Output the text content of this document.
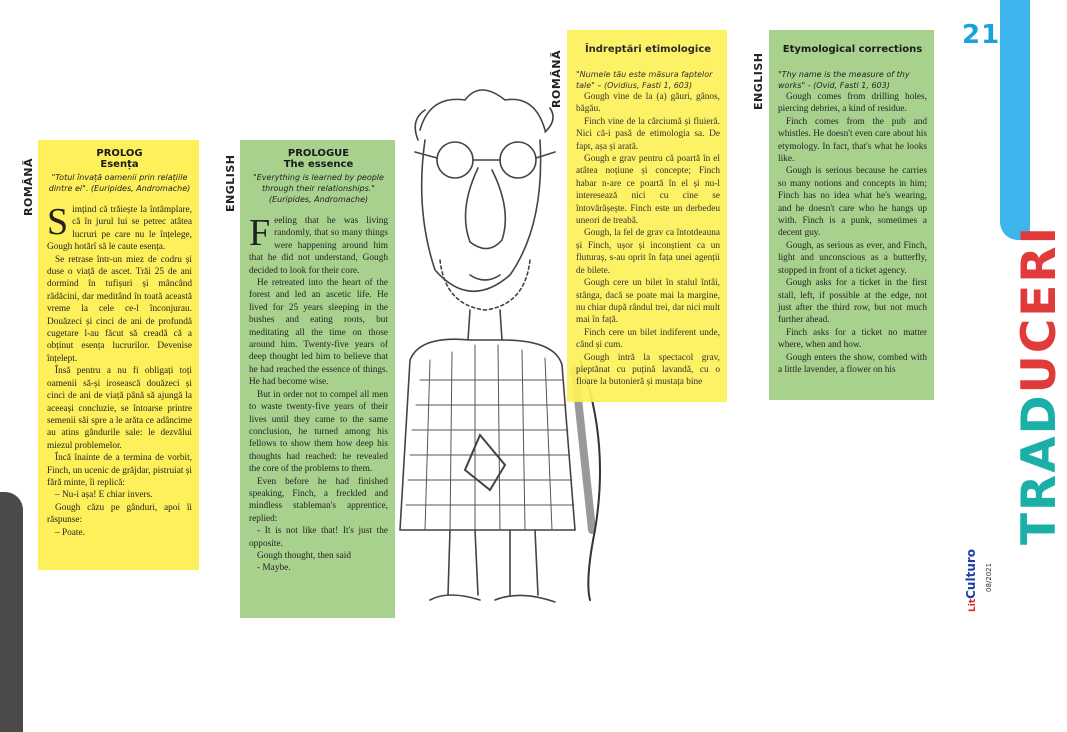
ROMÂNĂ
PROLOG
Esența
"Totul învață oamenii prin relațiile dintre ei". (Euripides, Andromache)

Simțind că trăiește la întâmplare, că în jurul lui se petrec atâtea lucruri pe care nu le înțelege, Gough hotărî să le caute esența.

Se retrase într-un miez de codru și duse o viață de ascet. Trăi 25 de ani dormind în tufișuri și mâncând rădăcini, dar meditând în toată această vreme la cele ce-l înconjurau. Douăzeci și cinci de ani de profundă cugetare l-au făcut să creadă că a obținut esența lucrurilor. Devenise înțelept.

Însă pentru a nu fi obligați toți oamenii să-și irosească douăzeci și cinci de ani de viață până să ajungă la aceeași concluzie, se întoarse printre semenii săi spre a le arăta ce adâncime au atins gândurile sale: le dezvălui miezul problemelor.

Încă înainte de a termina de vorbit, Finch, un ucenic de grăjdar, pistruiat și fără minte, îi replică:

– Nu-i așa! E chiar invers.

Gough căzu pe gânduri, apoi îi răspunse:

– Poate.

ENGLISH
PROLOGUE
The essence
"Everything is learned by people through their relationships." (Euripides, Andromache)

Feeling that he was living randomly, that so many things were happening around him that he did not understand, Gough decided to look for their core.

He retreated into the heart of the forest and led an ascetic life. He lived for 25 years sleeping in the bushes and eating roots, but meditating all the time on those around him. Twenty-five years of deep thought led him to believe that he had reached the essence of things. He had become wise.

But in order not to compel all men to waste twenty-five years of their lives until they came to the same conclusion, he turned among his fellows to show them how deep his thoughts had reached: he revealed the core of the problems to them.

Even before he had finished speaking, Finch, a freckled and mindless stableman's apprentice, replied:

- It is not like that! It's just the opposite.

Gough thought, then said

- Maybe.

ROMÂNĂ
Îndreptări etimologice
"Numele tău este măsura faptelor tale" – (Ovidius, Fasti 1, 603)

Gough vine de la (a) găuri, gânos, băgău.

Finch vine de la cârciumă și fluieră. Nici că-i pasă de etimologia sa. De fapt, așa și arată.

Gough e grav pentru că poartă în el atâtea noțiune și concepte; Finch habar n-are ce poartă în el și nu-l interesează nici cu cine se întovărășește. Finch este un derbedeu uneori de treabă.

Gough, la fel de grav ca întotdeauna și Finch, ușor și inconștient ca un fluturaș, s-au oprit în fața unei agenții de bilete.

Gough cere un bilet în stalul întâi, stânga, dacă se poate mai la margine, nu chiar după rândul trei, dar nici mult mai în față.

Finch cere un bilet indiferent unde, când și cum.

Gough intră la spectacol grav, pieptănat cu puțină lavandă, cu o floare la butonieră și mustața bine

ENGLISH
Etymological corrections
"Thy name is the measure of thy works" - (Ovid, Fasti 1, 603)

Gough comes from drilling holes, piercing debries, a kind of residue.

Finch comes from the pub and whistles. He doesn't even care about his etymology. In fact, that's what he looks like.

Gough is serious because he carries so many notions and concepts in him; Finch has no idea what he's wearing, and he doesn't care who he hangs up with. Finch is a punk, sometimes a decent guy.

Gough, as serious as ever, and Finch, light and unconscious as a butterfly, stopped in front of a ticket agency.

Gough asks for a ticket in the first stall, left, if possible at the edge, not just after the third row, but not much further ahead.

Finch asks for a ticket no matter where, when and how.

Gough enters the show, combed with a little lavender, a flower on his

21
TRADUCERI
LitCulturo 08/2021
